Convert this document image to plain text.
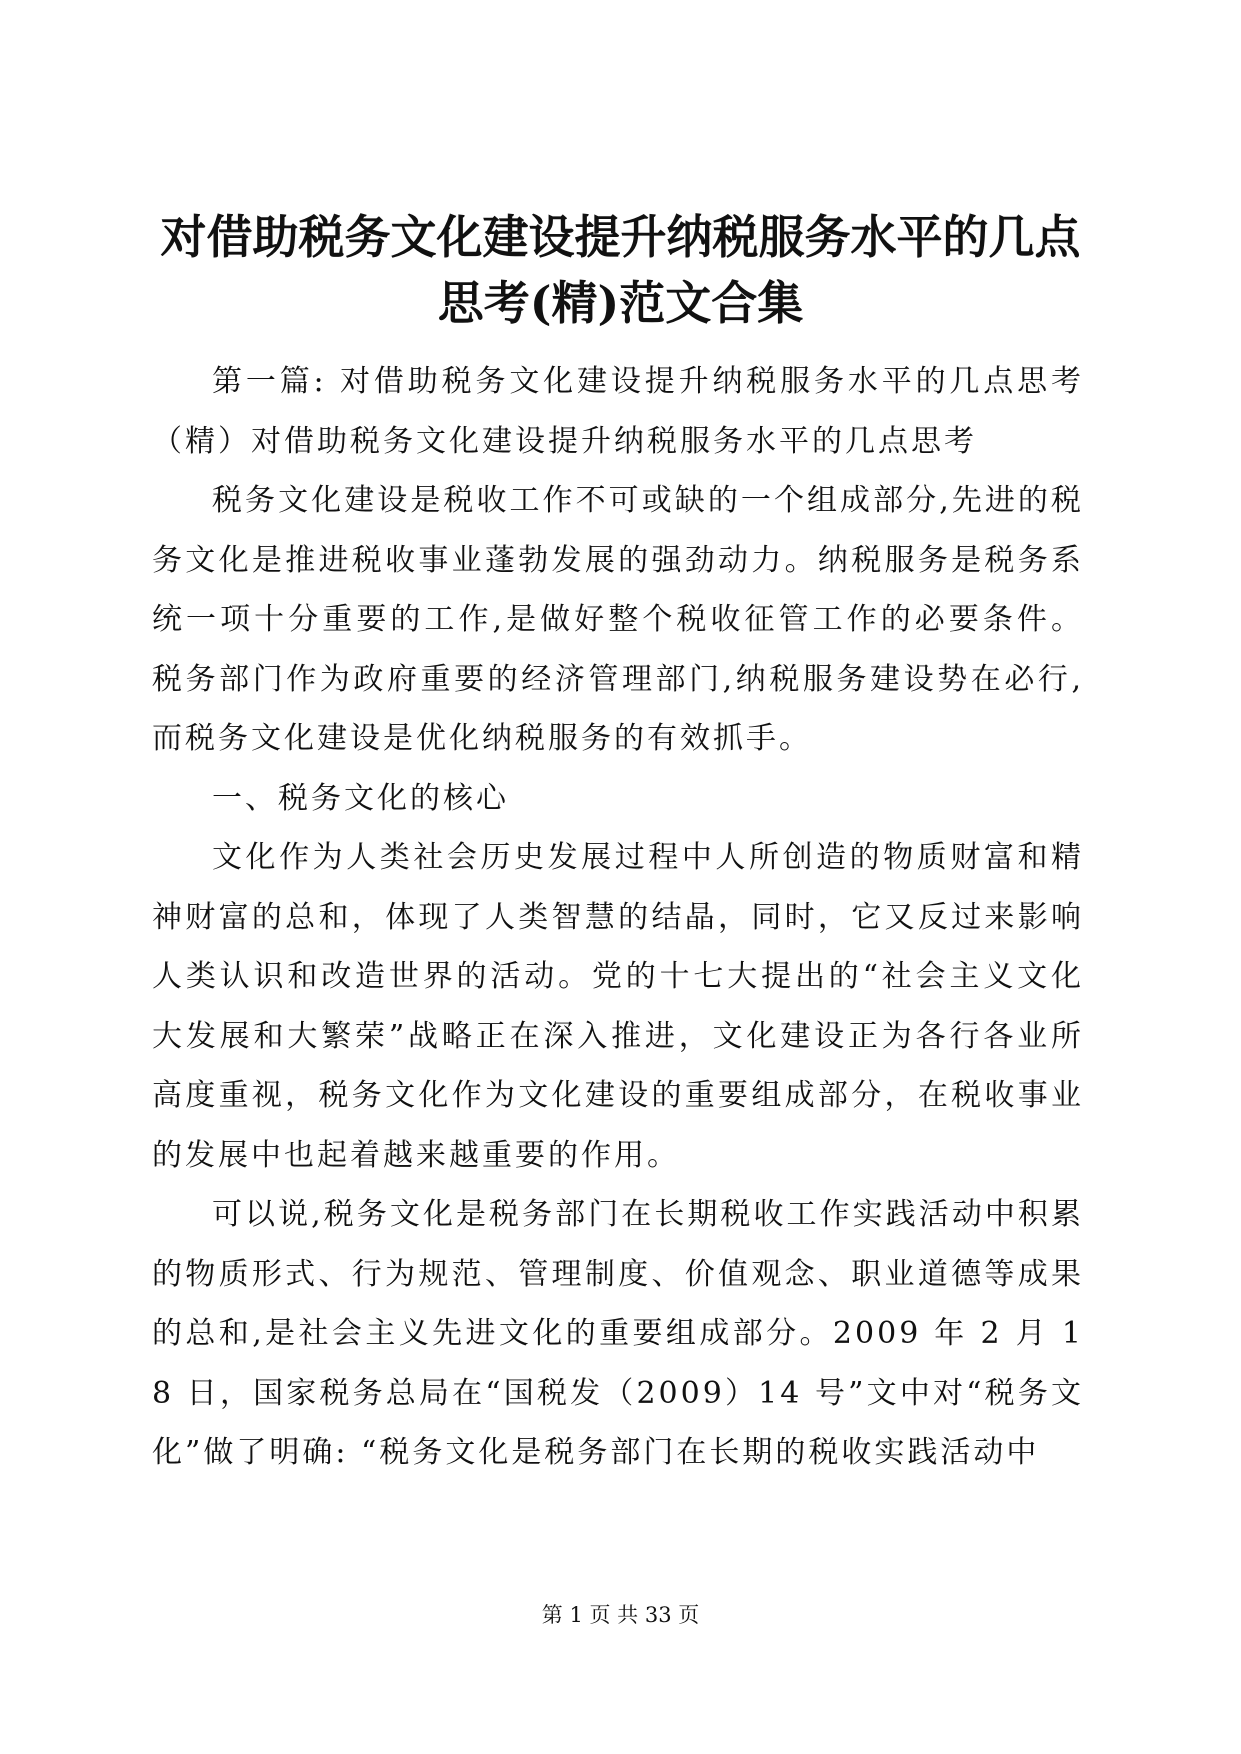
对借助税务文化建设提升纳税服务水平的几点
思考(精)范文合集

第一篇: 对借助税务文化建设提升纳税服务水平的几点思考（精）对借助税务文化建设提升纳税服务水平的几点思考

税务文化建设是税收工作不可或缺的一个组成部分,先进的税务文化是推进税收事业蓬勃发展的强劲动力。纳税服务是税务系统一项十分重要的工作,是做好整个税收征管工作的必要条件。税务部门作为政府重要的经济管理部门,纳税服务建设势在必行,而税务文化建设是优化纳税服务的有效抓手。

一、税务文化的核心

文化作为人类社会历史发展过程中人所创造的物质财富和精神财富的总和，体现了人类智慧的结晶，同时，它又反过来影响人类认识和改造世界的活动。党的十七大提出的“社会主义文化大发展和大繁荣”战略正在深入推进，文化建设正为各行各业所高度重视，税务文化作为文化建设的重要组成部分，在税收事业的发展中也起着越来越重要的作用。

可以说,税务文化是税务部门在长期税收工作实践活动中积累的物质形式、行为规范、管理制度、价值观念、职业道德等成果的总和,是社会主义先进文化的重要组成部分。2009 年 2 月 18 日，国家税务总局在“国税发（2009）14 号”文中对“税务文化”做了明确: “税务文化是税务部门在长期的税收实践活动中

第 1 页 共 33 页
